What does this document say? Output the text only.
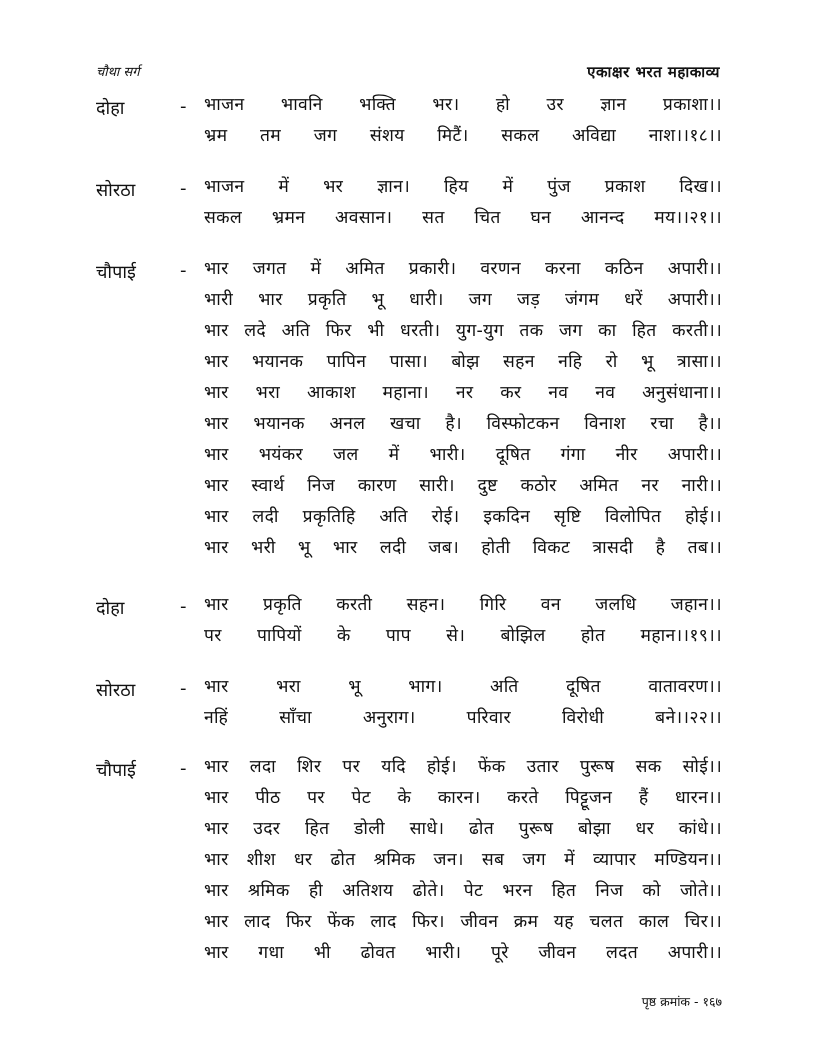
चौथा सर्ग	एकाक्षर भरत महाकाव्य
दोहा	- भाजन भावनि भक्ति भर। हो उर ज्ञान प्रकाशा।।
भ्रम तम जग संशय मिटैं। सकल अविद्या नाश।।१८।।
सोरठा	- भाजन में भर ज्ञान। हिय में पुंज प्रकाश दिख।।
सकल भ्रमन अवसान। सत चित घन आनन्द मय।।२१।।
चौपाई	- भार जगत में अमित प्रकारी। वरणन करना कठिन अपारी।।
भारी भार प्रकृति भू धारी। जग जड़ जंगम धरें अपारी।।
भार लदे अति फिर भी धरती। युग-युग तक जग का हित करती।।
भार भयानक पापिन पासा। बोझ सहन नहि रो भू त्रासा।।
भार भरा आकाश महाना। नर कर नव नव अनुसंधाना।।
भार भयानक अनल खचा है। विस्फोटकन विनाश रचा है।।
भार भयंकर जल में भारी। दूषित गंगा नीर अपारी।।
भार स्वार्थ निज कारण सारी। दुष्ट कठोर अमित नर नारी।।
भार लदी प्रकृतिहि अति रोई। इकदिन सृष्टि विलोपित होई।।
भार भरी भू भार लदी जब। होती विकट त्रासदी है तब।।
दोहा	- भार प्रकृति करती सहन। गिरि वन जलधि जहान।।
पर पापियों के पाप से। बोझिल होत महान।।१९।।
सोरठा	- भार भरा भू भाग। अति दूषित वातावरण।।
नहिं साँचा अनुराग। परिवार विरोधी बने।।२२।।
चौपाई	- भार लदा शिर पर यदि होई। फेंक उतार पुरूष सक सोई।।
भार पीठ पर पेट के कारन। करते पिट्टूजन हैं धारन।।
भार उदर हित डोली साधे। ढोत पुरूष बोझा धर कांधे।।
भार शीश धर ढोत श्रमिक जन। सब जग में व्यापार मण्डियन।।
भार श्रमिक ही अतिशय ढोते। पेट भरन हित निज को जोते।।
भार लाद फिर फेंक लाद फिर। जीवन क्रम यह चलत काल चिर।।
भार गधा भी ढोवत भारी। पूरे जीवन लदत अपारी।।
पृष्ठ क्रमांक - १६७
